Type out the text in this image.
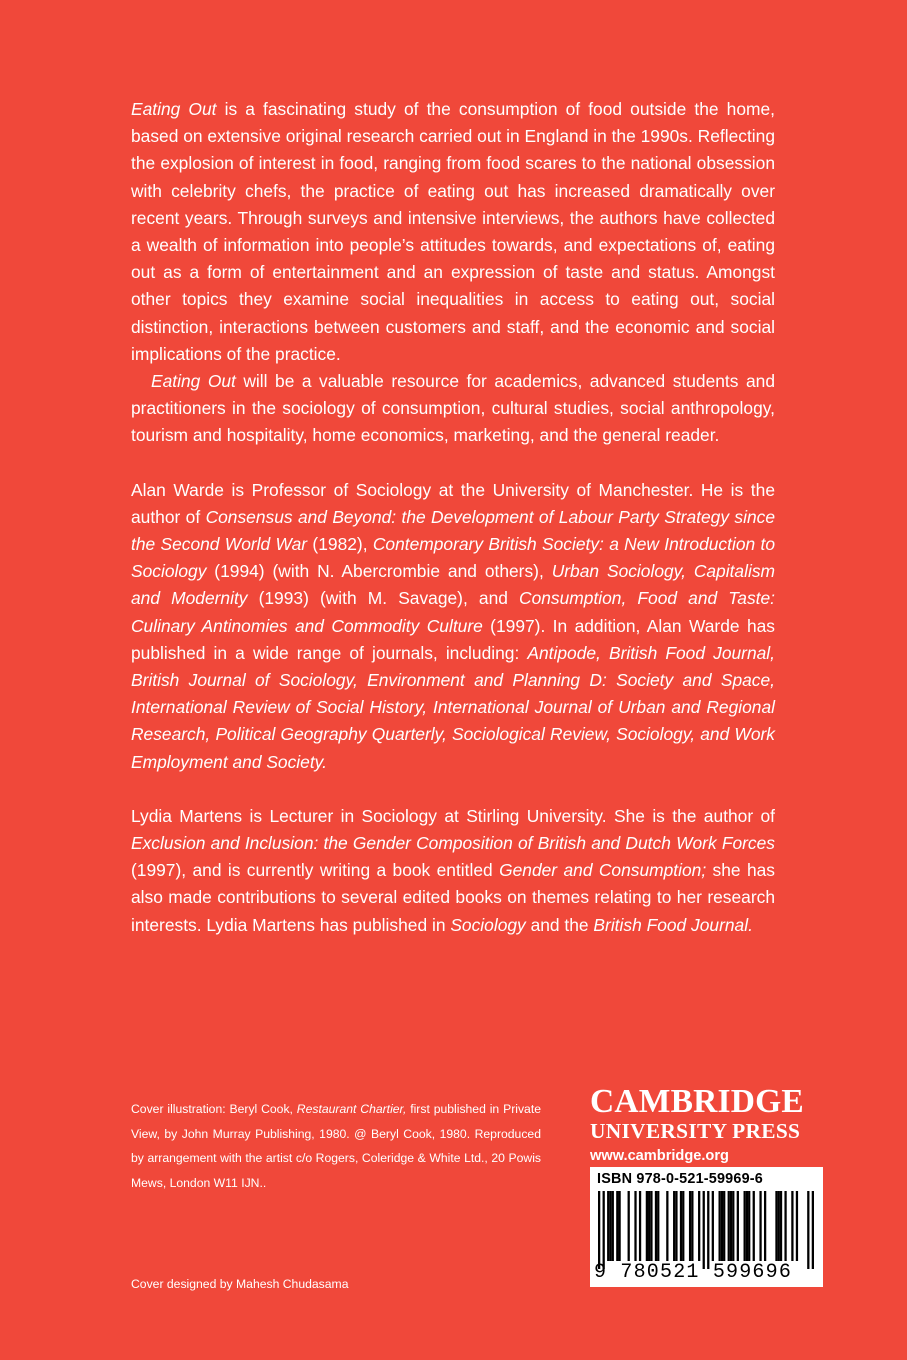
Eating Out is a fascinating study of the consumption of food outside the home, based on extensive original research carried out in England in the 1990s. Reflecting the explosion of interest in food, ranging from food scares to the national obsession with celebrity chefs, the practice of eating out has increased dramatically over recent years. Through surveys and intensive interviews, the authors have collected a wealth of information into people’s attitudes towards, and expectations of, eating out as a form of entertainment and an expression of taste and status. Amongst other topics they examine social inequalities in access to eating out, social distinction, interactions between customers and staff, and the economic and social implications of the practice.

Eating Out will be a valuable resource for academics, advanced students and practitioners in the sociology of consumption, cultural studies, social anthropology, tourism and hospitality, home economics, marketing, and the general reader.

Alan Warde is Professor of Sociology at the University of Manchester. He is the author of Consensus and Beyond: the Development of Labour Party Strategy since the Second World War (1982), Contemporary British Society: a New Introduction to Sociology (1994) (with N. Abercrombie and others), Urban Sociology, Capitalism and Modernity (1993) (with M. Savage), and Consumption, Food and Taste: Culinary Antinomies and Commodity Culture (1997). In addition, Alan Warde has published in a wide range of journals, including: Antipode, British Food Journal, British Journal of Sociology, Environment and Planning D: Society and Space, International Review of Social History, International Journal of Urban and Regional Research, Political Geography Quarterly, Sociological Review, Sociology, and Work Employment and Society.

Lydia Martens is Lecturer in Sociology at Stirling University. She is the author of Exclusion and Inclusion: the Gender Composition of British and Dutch Work Forces (1997), and is currently writing a book entitled Gender and Consumption; she has also made contributions to several edited books on themes relating to her research interests. Lydia Martens has published in Sociology and the British Food Journal.

Cover illustration: Beryl Cook, Restaurant Chartier, first published in Private View, by John Murray Publishing, 1980. @ Beryl Cook, 1980. Reproduced by arrangement with the artist c/o Rogers, Coleridge & White Ltd., 20 Powis Mews, London W11 IJN..

Cover designed by Mahesh Chudasama
CAMBRIDGE
UNIVERSITY PRESS
www.cambridge.org
ISBN 978-0-521-59969-6
9 780521 599696
